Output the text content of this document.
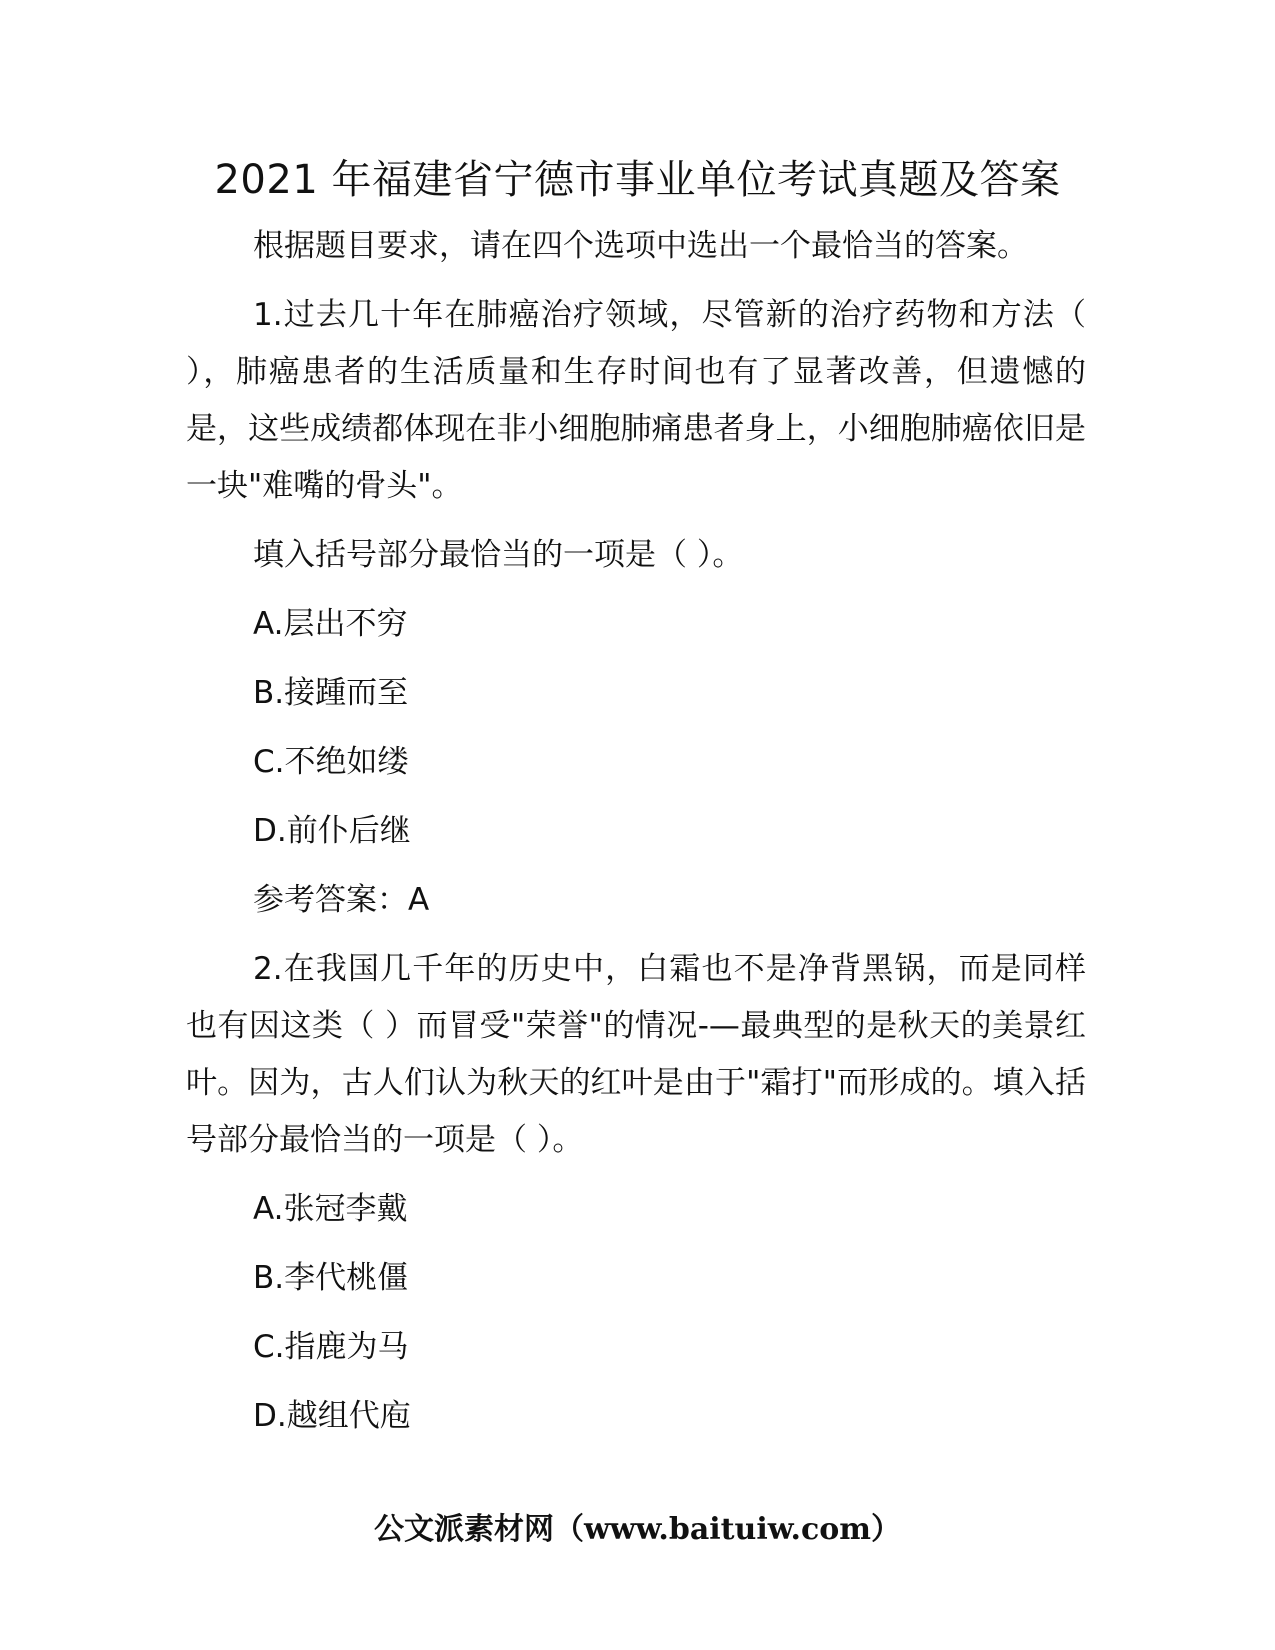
2021 年福建省宁德市事业单位考试真题及答案

根据题目要求，请在四个选项中选出一个最恰当的答案。

1.过去几十年在肺癌治疗领域，尽管新的治疗药物和方法（ ），肺癌患者的生活质量和生存时间也有了显著改善，但遗憾的是，这些成绩都体现在非小细胞肺痛患者身上，小细胞肺癌依旧是一块"难嘴的骨头"。

填入括号部分最恰当的一项是（ ）。

A.层出不穷

B.接踵而至

C.不绝如缕

D.前仆后继

参考答案：A

2.在我国几千年的历史中，白霜也不是净背黑锅，而是同样也有因这类（ ）而冒受"荣誉"的情况-—最典型的是秋天的美景红叶。因为，古人们认为秋天的红叶是由于"霜打"而形成的。填入括号部分最恰当的一项是（ ）。

A.张冠李戴

B.李代桃僵

C.指鹿为马

D.越组代庖

公文派素材网（www.baituiw.com）
